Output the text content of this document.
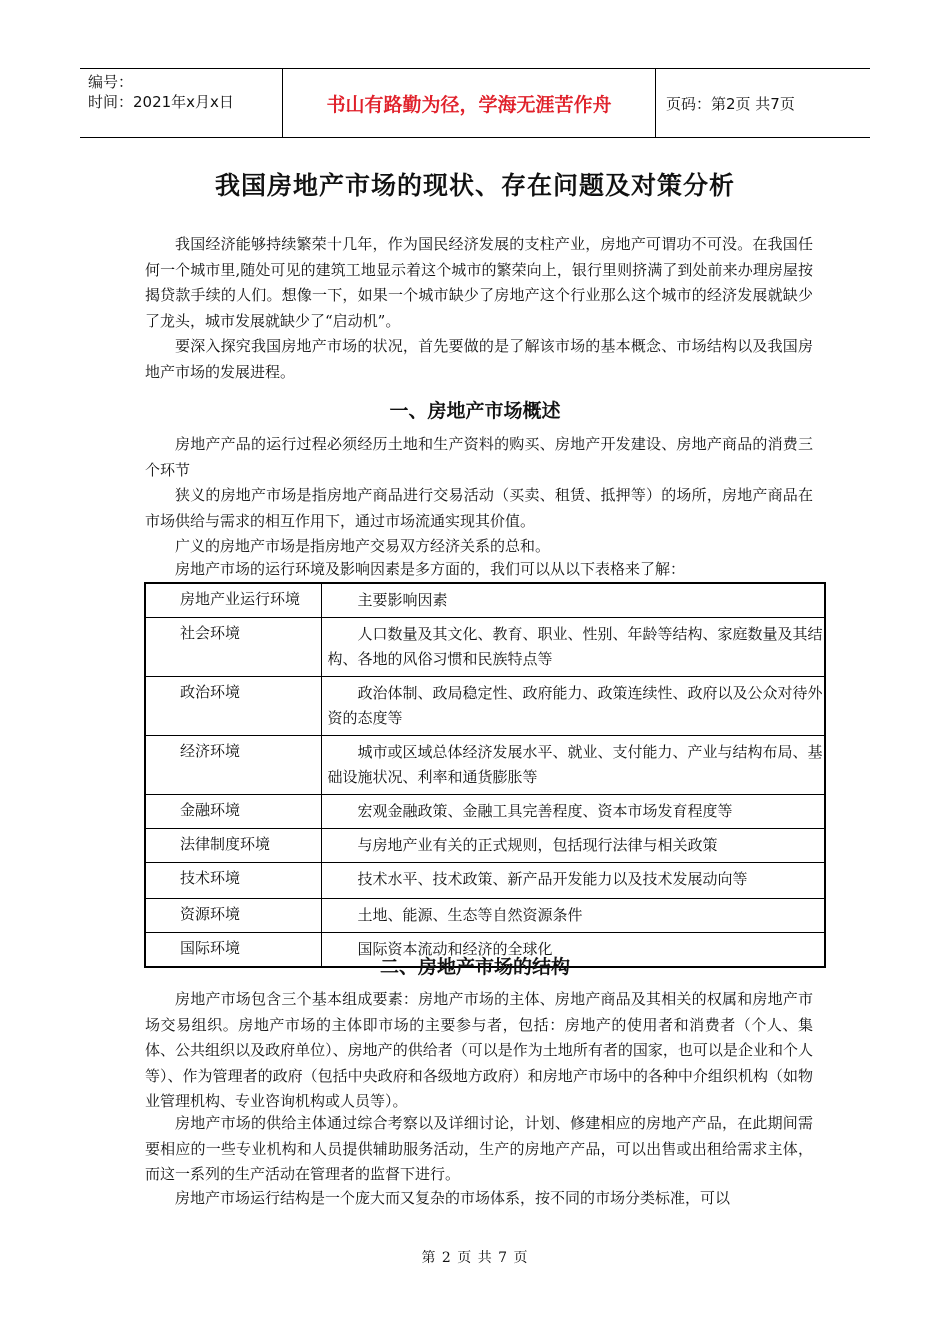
编号：
时间：2021年x月x日	书山有路勤为径，学海无涯苦作舟	页码：第2页 共7页
我国房地产市场的现状、存在问题及对策分析

我国经济能够持续繁荣十几年，作为国民经济发展的支柱产业，房地产可谓功不可没。在我国任何一个城市里,随处可见的建筑工地显示着这个城市的繁荣向上，银行里则挤满了到处前来办理房屋按揭贷款手续的人们。想像一下，如果一个城市缺少了房地产这个行业那么这个城市的经济发展就缺少了龙头，城市发展就缺少了“启动机”。

要深入探究我国房地产市场的状况，首先要做的是了解该市场的基本概念、市场结构以及我国房地产市场的发展进程。

一、房地产市场概述

房地产产品的运行过程必须经历土地和生产资料的购买、房地产开发建设、房地产商品的消费三个环节

狭义的房地产市场是指房地产商品进行交易活动（买卖、租赁、抵押等）的场所，房地产商品在市场供给与需求的相互作用下，通过市场流通实现其价值。

广义的房地产市场是指房地产交易双方经济关系的总和。

房地产市场的运行环境及影响因素是多方面的，我们可以从以下表格来了解：

房地产业运行环境	主要影响因素
社会环境	人口数量及其文化、教育、职业、性别、年龄等结构、家庭数量及其结构、各地的风俗习惯和民族特点等
政治环境	政治体制、政局稳定性、政府能力、政策连续性、政府以及公众对待外资的态度等
经济环境	城市或区域总体经济发展水平、就业、支付能力、产业与结构布局、基础设施状况、利率和通货膨胀等
金融环境	宏观金融政策、金融工具完善程度、资本市场发育程度等
法律制度环境	与房地产业有关的正式规则，包括现行法律与相关政策
技术环境	技术水平、技术政策、新产品开发能力以及技术发展动向等
资源环境	土地、能源、生态等自然资源条件
国际环境	国际资本流动和经济的全球化
二、房地产市场的结构

房地产市场包含三个基本组成要素：房地产市场的主体、房地产商品及其相关的权属和房地产市场交易组织。房地产市场的主体即市场的主要参与者，包括：房地产的使用者和消费者（个人、集体、公共组织以及政府单位）、房地产的供给者（可以是作为土地所有者的国家，也可以是企业和个人等）、作为管理者的政府（包括中央政府和各级地方政府）和房地产市场中的各种中介组织机构（如物业管理机构、专业咨询机构或人员等）。

房地产市场的供给主体通过综合考察以及详细讨论，计划、修建相应的房地产产品，在此期间需要相应的一些专业机构和人员提供辅助服务活动，生产的房地产产品，可以出售或出租给需求主体，而这一系列的生产活动在管理者的监督下进行。

房地产市场运行结构是一个庞大而又复杂的市场体系，按不同的市场分类标准，可以

第 2 页 共 7 页
